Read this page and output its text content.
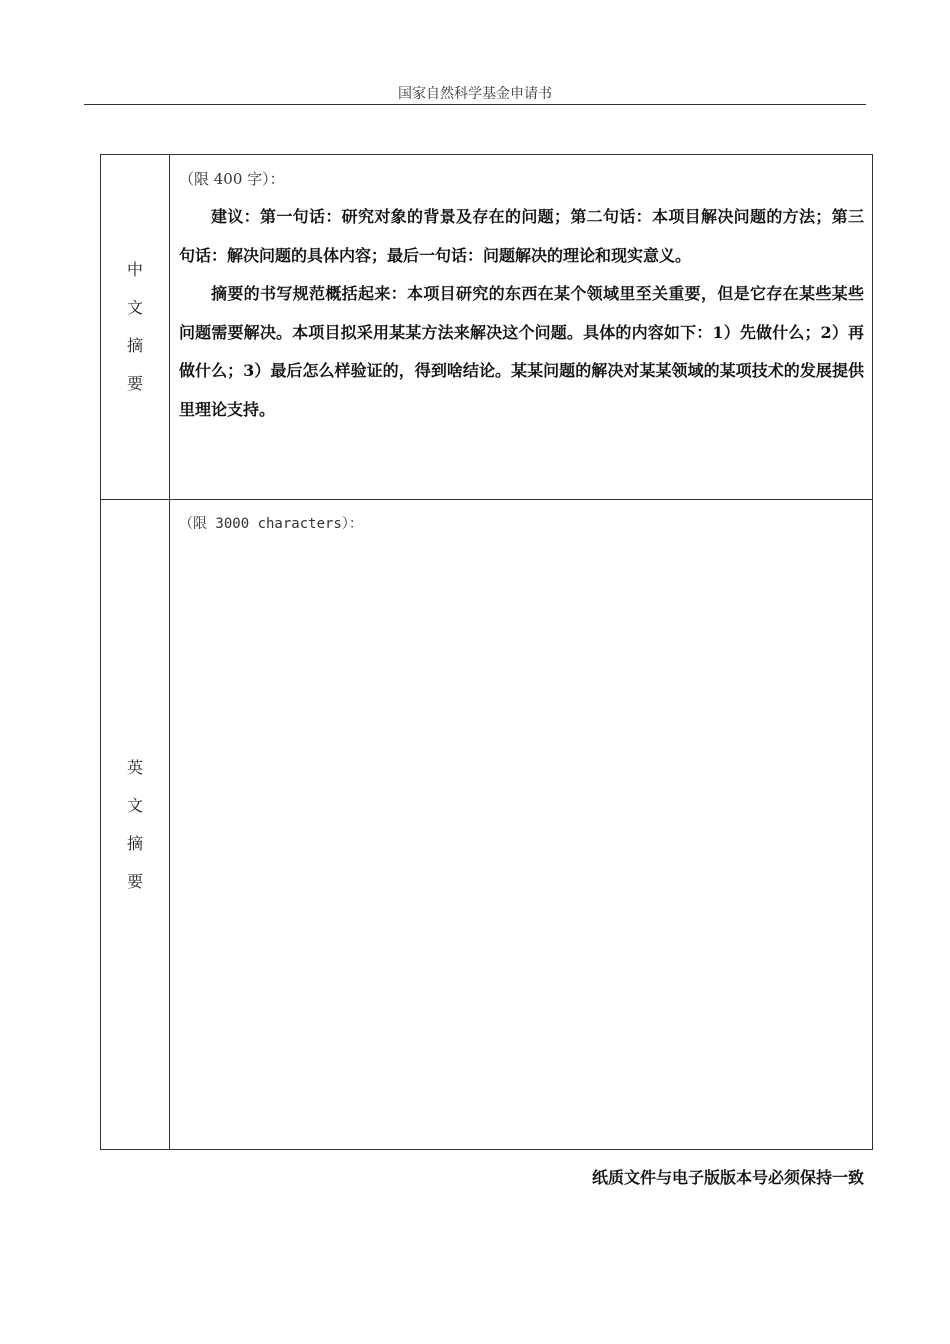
国家自然科学基金申请书
中
文
摘
要
（限 400 字）：

建议：第一句话：研究对象的背景及存在的问题；第二句话：本项目解决问题的方法；第三句话：解决问题的具体内容；最后一句话：问题解决的理论和现实意义。

摘要的书写规范概括起来：本项目研究的东西在某个领域里至关重要，但是它存在某些某些问题需要解决。本项目拟采用某某方法来解决这个问题。具体的内容如下：1）先做什么；2）再做什么；3）最后怎么样验证的，得到啥结论。某某问题的解决对某某领域的某项技术的发展提供里理论支持。

英
文
摘
要
（限 3000 characters）：
纸质文件与电子版版本号必须保持一致
